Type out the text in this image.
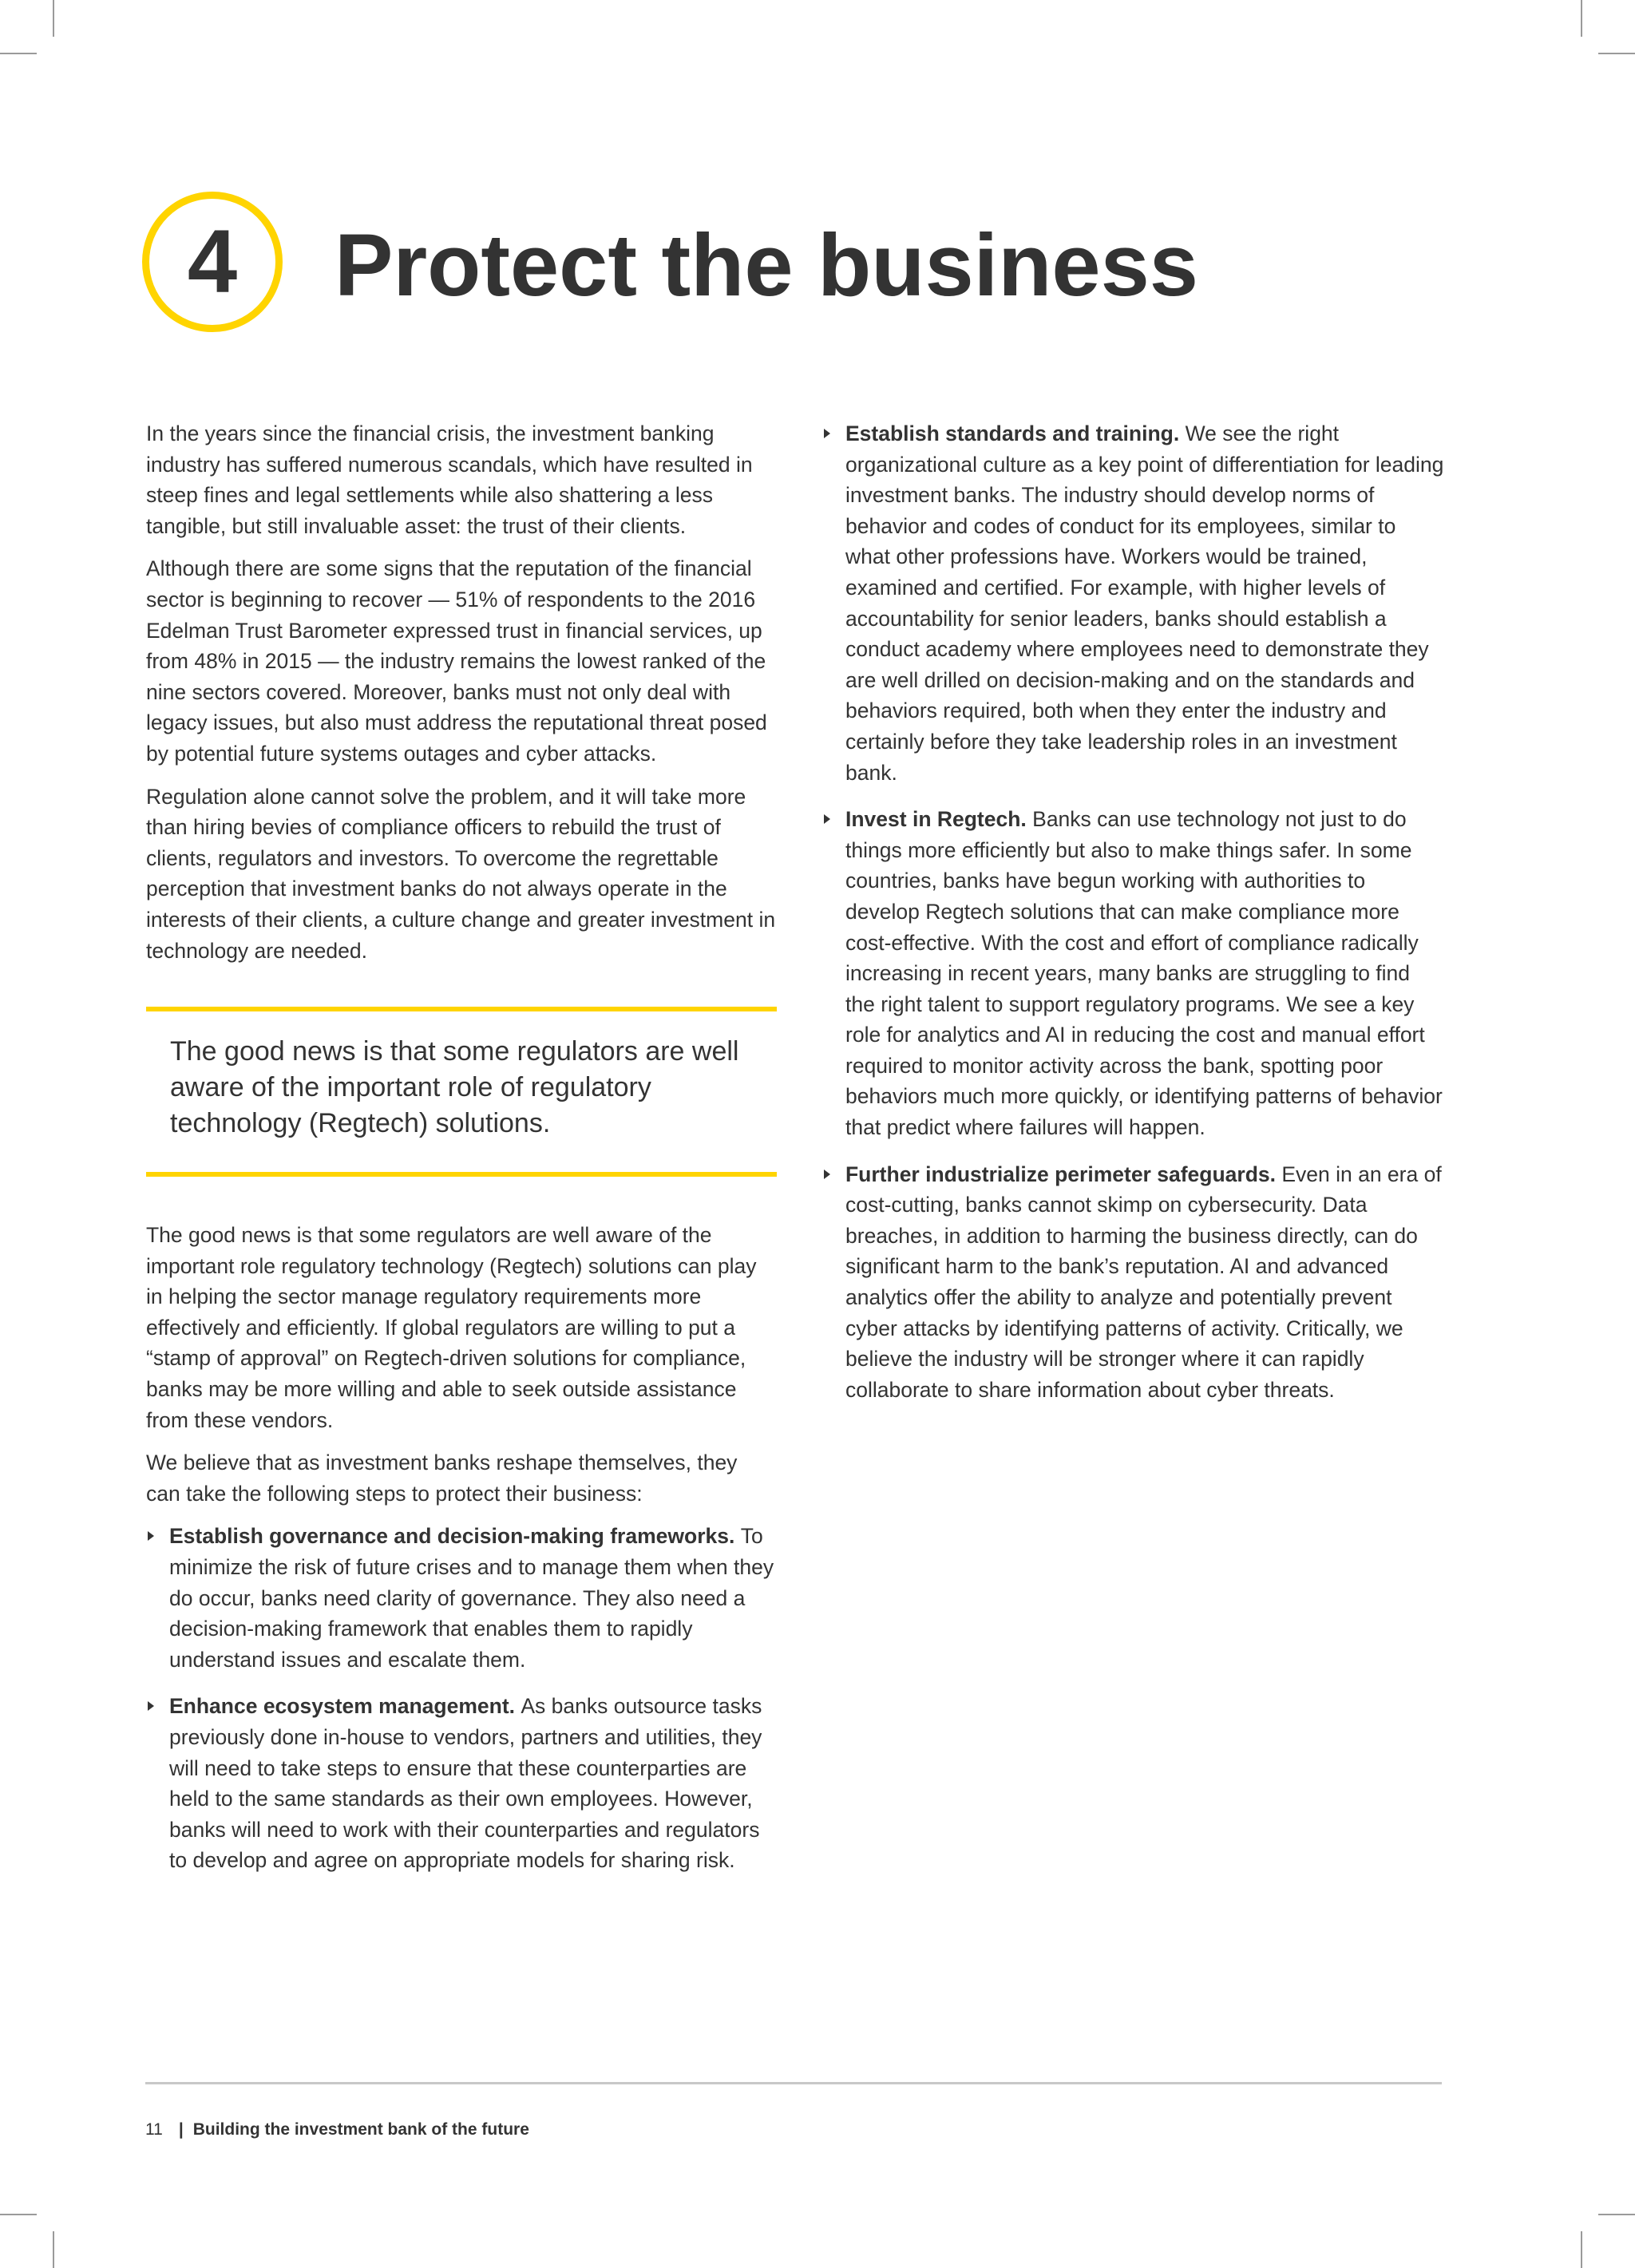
4 Protect the business

In the years since the financial crisis, the investment banking industry has suffered numerous scandals, which have resulted in steep fines and legal settlements while also shattering a less tangible, but still invaluable asset: the trust of their clients.

Although there are some signs that the reputation of the financial sector is beginning to recover — 51% of respondents to the 2016 Edelman Trust Barometer expressed trust in financial services, up from 48% in 2015 — the industry remains the lowest ranked of the nine sectors covered. Moreover, banks must not only deal with legacy issues, but also must address the reputational threat posed by potential future systems outages and cyber attacks.

Regulation alone cannot solve the problem, and it will take more than hiring bevies of compliance officers to rebuild the trust of clients, regulators and investors. To overcome the regrettable perception that investment banks do not always operate in the interests of their clients, a culture change and greater investment in technology are needed.

The good news is that some regulators are well aware of the important role of regulatory technology (Regtech) solutions.

The good news is that some regulators are well aware of the important role regulatory technology (Regtech) solutions can play in helping the sector manage regulatory requirements more effectively and efficiently. If global regulators are willing to put a “stamp of approval” on Regtech-driven solutions for compliance, banks may be more willing and able to seek outside assistance from these vendors.

We believe that as investment banks reshape themselves, they can take the following steps to protect their business:

Establish governance and decision-making frameworks. To minimize the risk of future crises and to manage them when they do occur, banks need clarity of governance. They also need a decision-making framework that enables them to rapidly understand issues and escalate them.
Enhance ecosystem management. As banks outsource tasks previously done in-house to vendors, partners and utilities, they will need to take steps to ensure that these counterparties are held to the same standards as their own employees. However, banks will need to work with their counterparties and regulators to develop and agree on appropriate models for sharing risk.
Establish standards and training. We see the right organizational culture as a key point of differentiation for leading investment banks. The industry should develop norms of behavior and codes of conduct for its employees, similar to what other professions have. Workers would be trained, examined and certified. For example, with higher levels of accountability for senior leaders, banks should establish a conduct academy where employees need to demonstrate they are well drilled on decision-making and on the standards and behaviors required, both when they enter the industry and certainly before they take leadership roles in an investment bank.
Invest in Regtech. Banks can use technology not just to do things more efficiently but also to make things safer. In some countries, banks have begun working with authorities to develop Regtech solutions that can make compliance more cost-effective. With the cost and effort of compliance radically increasing in recent years, many banks are struggling to find the right talent to support regulatory programs. We see a key role for analytics and AI in reducing the cost and manual effort required to monitor activity across the bank, spotting poor behaviors much more quickly, or identifying patterns of behavior that predict where failures will happen.
Further industrialize perimeter safeguards. Even in an era of cost-cutting, banks cannot skimp on cybersecurity. Data breaches, in addition to harming the business directly, can do significant harm to the bank’s reputation. AI and advanced analytics offer the ability to analyze and potentially prevent cyber attacks by identifying patterns of activity. Critically, we believe the industry will be stronger where it can rapidly collaborate to share information about cyber threats.
11 | Building the investment bank of the future
